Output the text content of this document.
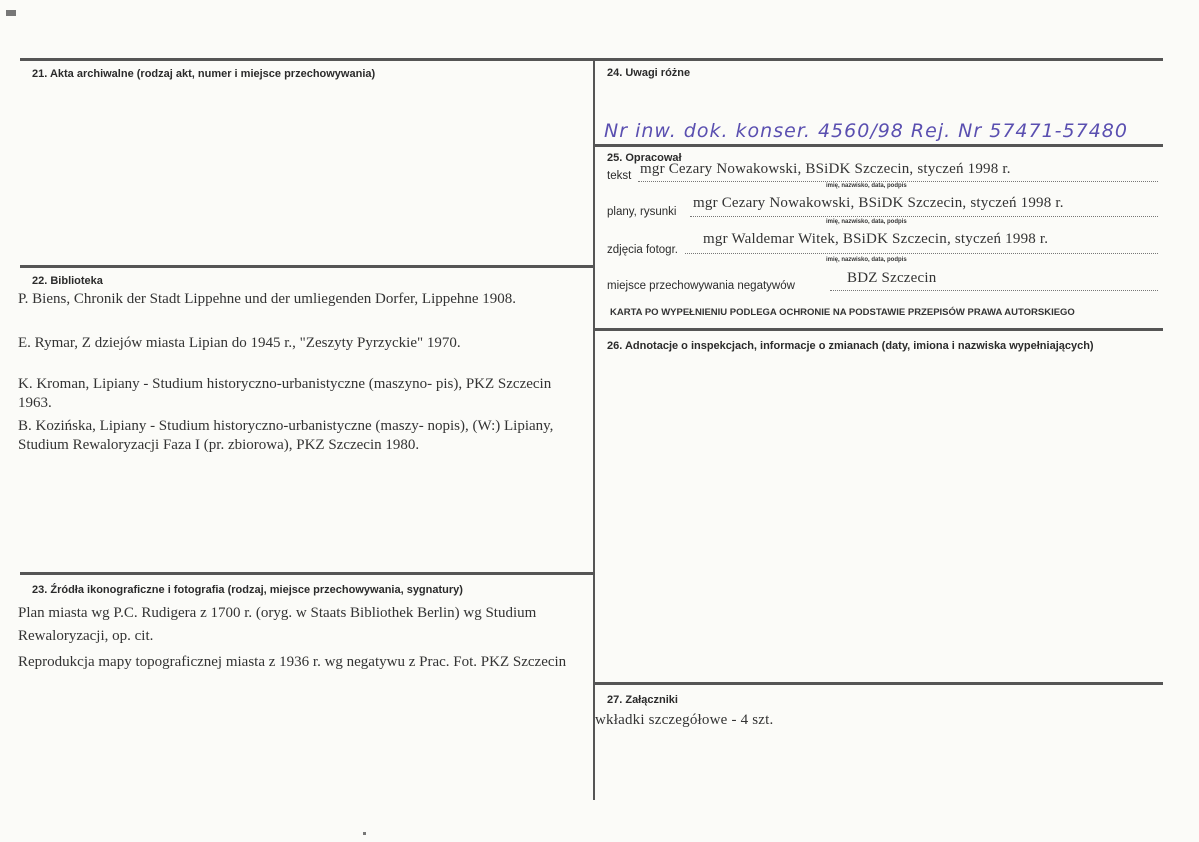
21. Akta archiwalne (rodzaj akt, numer i miejsce przechowywania)
22. Biblioteka
P. Biens, Chronik der Stadt Lippehne und der umliegenden Dorfer, Lippehne 1908.
E. Rymar, Z dziejów miasta Lipian do 1945 r., "Zeszyty Pyrzyckie" 1970.
K. Kroman, Lipiany - Studium historyczno-urbanistyczne (maszyno- pis), PKZ Szczecin 1963.
B. Kozińska, Lipiany - Studium historyczno-urbanistyczne (maszy- nopis), (W:) Lipiany, Studium Rewaloryzacji Faza I (pr. zbiorowa), PKZ Szczecin 1980.
23. Źródła ikonograficzne i fotografia (rodzaj, miejsce przechowywania, sygnatury)
Plan miasta wg P.C. Rudigera z 1700 r. (oryg. w Staats Bibliothek Berlin) wg Studium Rewaloryzacji, op. cit.
Reprodukcja mapy topograficznej miasta z 1936 r. wg negatywu z Prac. Fot. PKZ Szczecin
24. Uwagi różne
Nr inw. dok. konser. 4560/98 Rej. Nr 57471-57480
25. Opracował
tekst mgr Cezary Nowakowski, BSiDK Szczecin, styczeń 1998 r.
imię, nazwisko, data, podpis
plany, rysunki
mgr Cezary Nowakowski, BSiDK Szczecin, styczeń 1998 r.
imię, nazwisko, data, podpis
zdjęcia fotogr.
mgr Waldemar Witek, BSiDK Szczecin, styczeń 1998 r.
imię, nazwisko, data, podpis
miejsce przechowywania negatywów	BDZ Szczecin
KARTA PO WYPEŁNIENIU PODLEGA OCHRONIE NA PODSTAWIE PRZEPISÓW PRAWA AUTORSKIEGO
26. Adnotacje o inspekcjach, informacje o zmianach (daty, imiona i nazwiska wypełniających)
27. Załączniki
wkładki szczegółowe - 4 szt.
